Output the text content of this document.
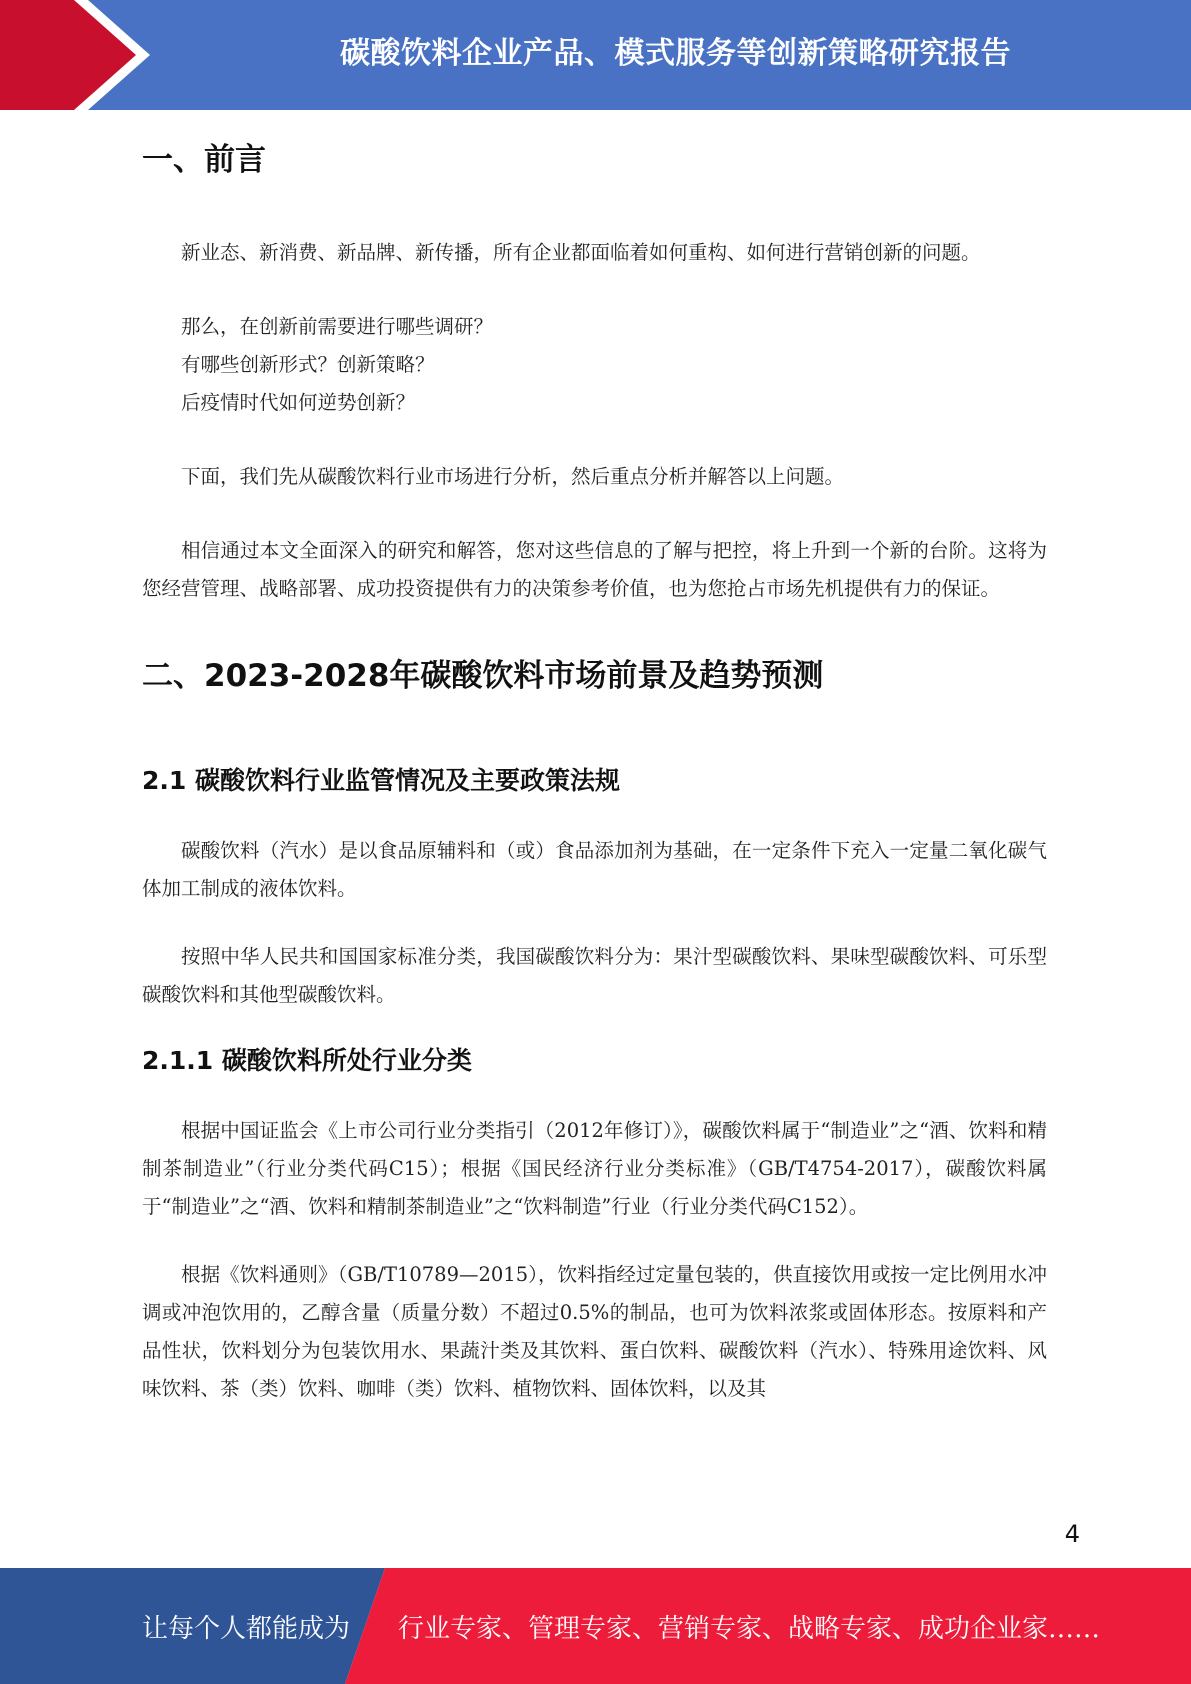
碳酸饮料企业产品、模式服务等创新策略研究报告
一、前言

新业态、新消费、新品牌、新传播，所有企业都面临着如何重构、如何进行营销创新的问题。

那么，在创新前需要进行哪些调研？

有哪些创新形式？创新策略？

后疫情时代如何逆势创新？

下面，我们先从碳酸饮料行业市场进行分析，然后重点分析并解答以上问题。

相信通过本文全面深入的研究和解答，您对这些信息的了解与把控，将上升到一个新的台阶。这将为您经营管理、战略部署、成功投资提供有力的决策参考价值，也为您抢占市场先机提供有力的保证。

二、2023-2028年碳酸饮料市场前景及趋势预测
2.1 碳酸饮料行业监管情况及主要政策法规

碳酸饮料（汽水）是以食品原辅料和（或）食品添加剂为基础，在一定条件下充入一定量二氧化碳气体加工制成的液体饮料。

按照中华人民共和国国家标准分类，我国碳酸饮料分为：果汁型碳酸饮料、果味型碳酸饮料、可乐型碳酸饮料和其他型碳酸饮料。

2.1.1 碳酸饮料所处行业分类

根据中国证监会《上市公司行业分类指引（2012年修订）》，碳酸饮料属于“制造业”之“酒、饮料和精制茶制造业”（行业分类代码C15）；根据《国民经济行业分类标准》（GB/T4754-2017），碳酸饮料属于“制造业”之“酒、饮料和精制茶制造业”之“饮料制造”行业（行业分类代码C152）。

根据《饮料通则》（GB/T10789—2015），饮料指经过定量包装的，供直接饮用或按一定比例用水冲调或冲泡饮用的，乙醇含量（质量分数）不超过0.5%的制品，也可为饮料浓浆或固体形态。按原料和产品性状，饮料划分为包装饮用水、果蔬汁类及其饮料、蛋白饮料、碳酸饮料（汽水）、特殊用途饮料、风味饮料、茶（类）饮料、咖啡（类）饮料、植物饮料、固体饮料，以及其

4
让每个人都能成为 行业专家、管理专家、营销专家、战略专家、成功企业家……
